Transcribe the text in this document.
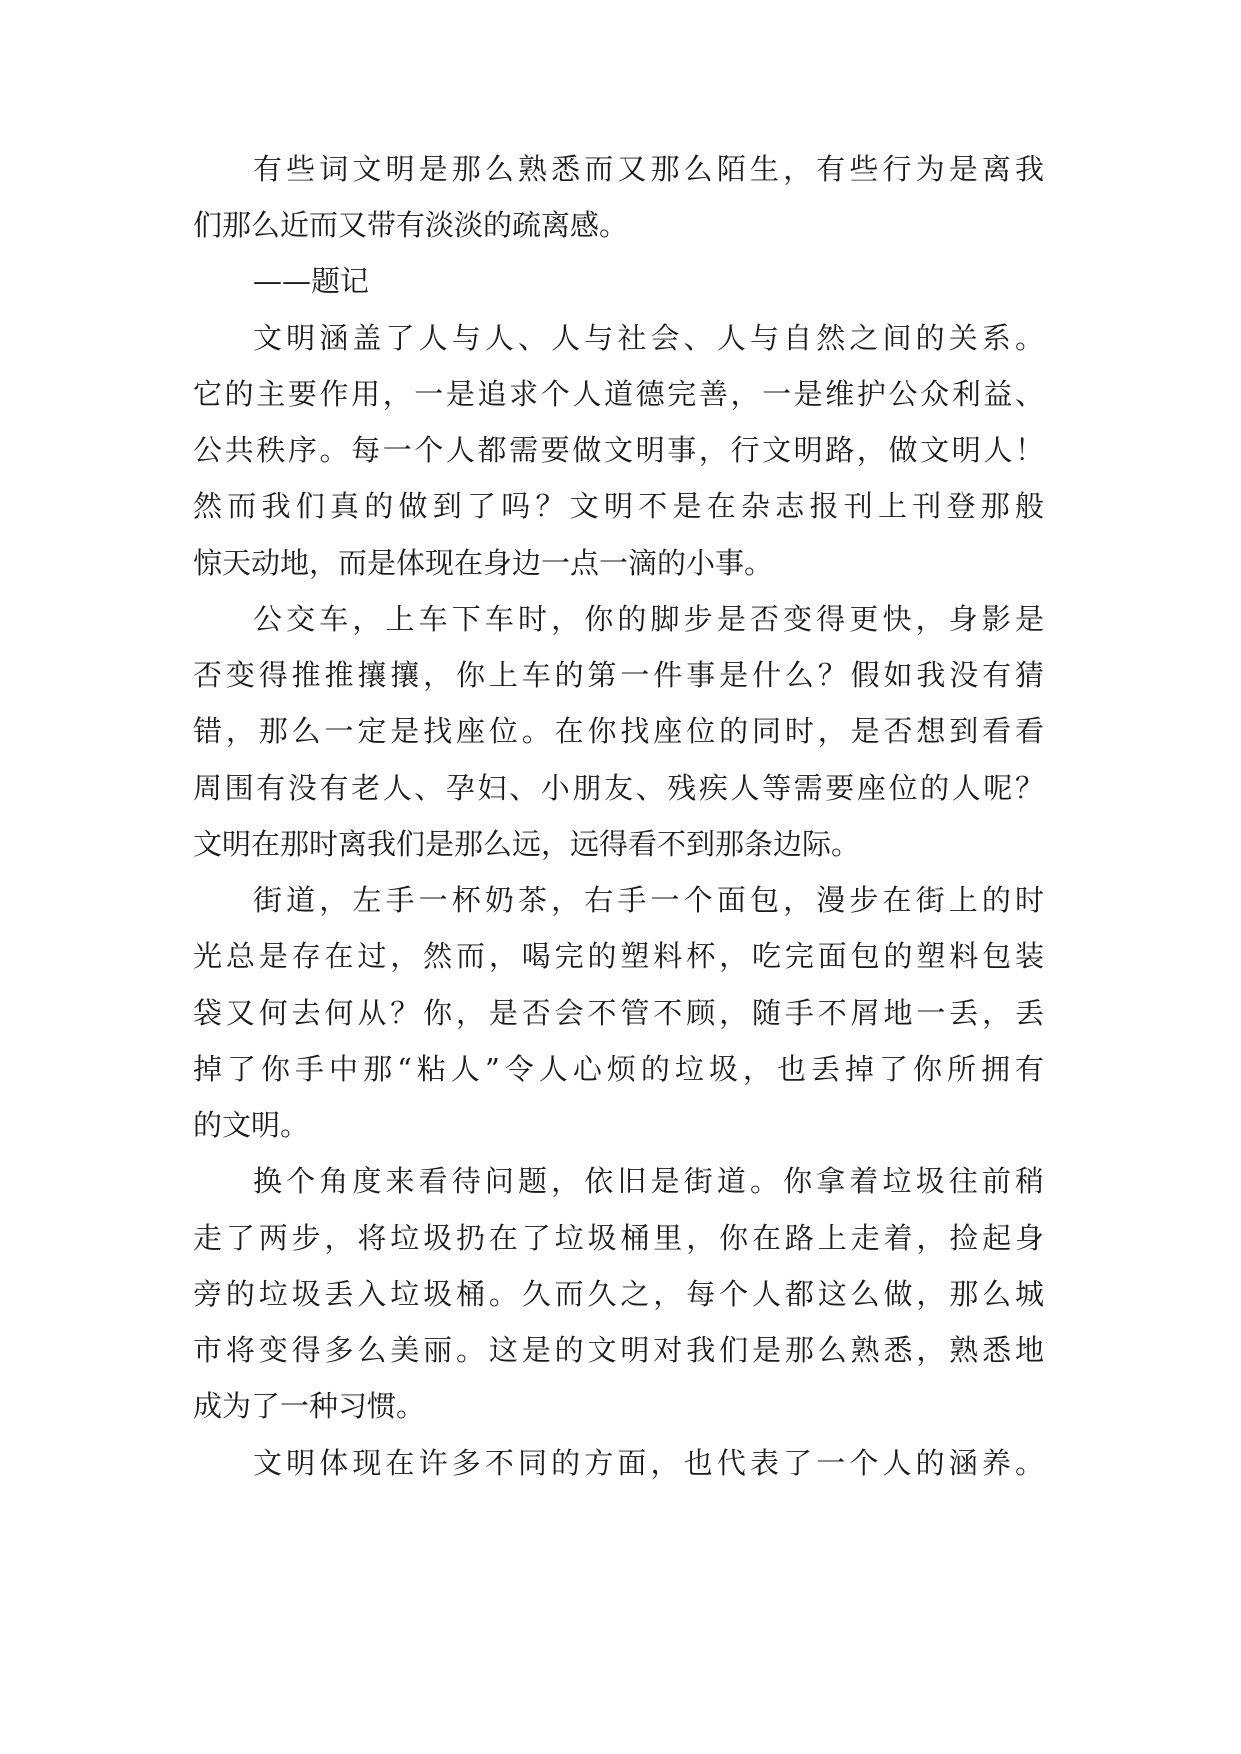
有些词文明是那么熟悉而又那么陌生，有些行为是离我
们那么近而又带有淡淡的疏离感。
——题记
文明涵盖了人与人、人与社会、人与自然之间的关系。
它的主要作用，一是追求个人道德完善，一是维护公众利益、
公共秩序。每一个人都需要做文明事，行文明路，做文明人！
然而我们真的做到了吗？文明不是在杂志报刊上刊登那般
惊天动地，而是体现在身边一点一滴的小事。
公交车，上车下车时，你的脚步是否变得更快，身影是
否变得推推攘攘，你上车的第一件事是什么？假如我没有猜
错，那么一定是找座位。在你找座位的同时，是否想到看看
周围有没有老人、孕妇、小朋友、残疾人等需要座位的人呢？
文明在那时离我们是那么远，远得看不到那条边际。
街道，左手一杯奶茶，右手一个面包，漫步在街上的时
光总是存在过，然而，喝完的塑料杯，吃完面包的塑料包装
袋又何去何从？你，是否会不管不顾，随手不屑地一丢，丢
掉了你手中那“粘人”令人心烦的垃圾，也丢掉了你所拥有
的文明。
换个角度来看待问题，依旧是街道。你拿着垃圾往前稍
走了两步，将垃圾扔在了垃圾桶里，你在路上走着，捡起身
旁的垃圾丢入垃圾桶。久而久之，每个人都这么做，那么城
市将变得多么美丽。这是的文明对我们是那么熟悉，熟悉地
成为了一种习惯。
文明体现在许多不同的方面，也代表了一个人的涵养。
